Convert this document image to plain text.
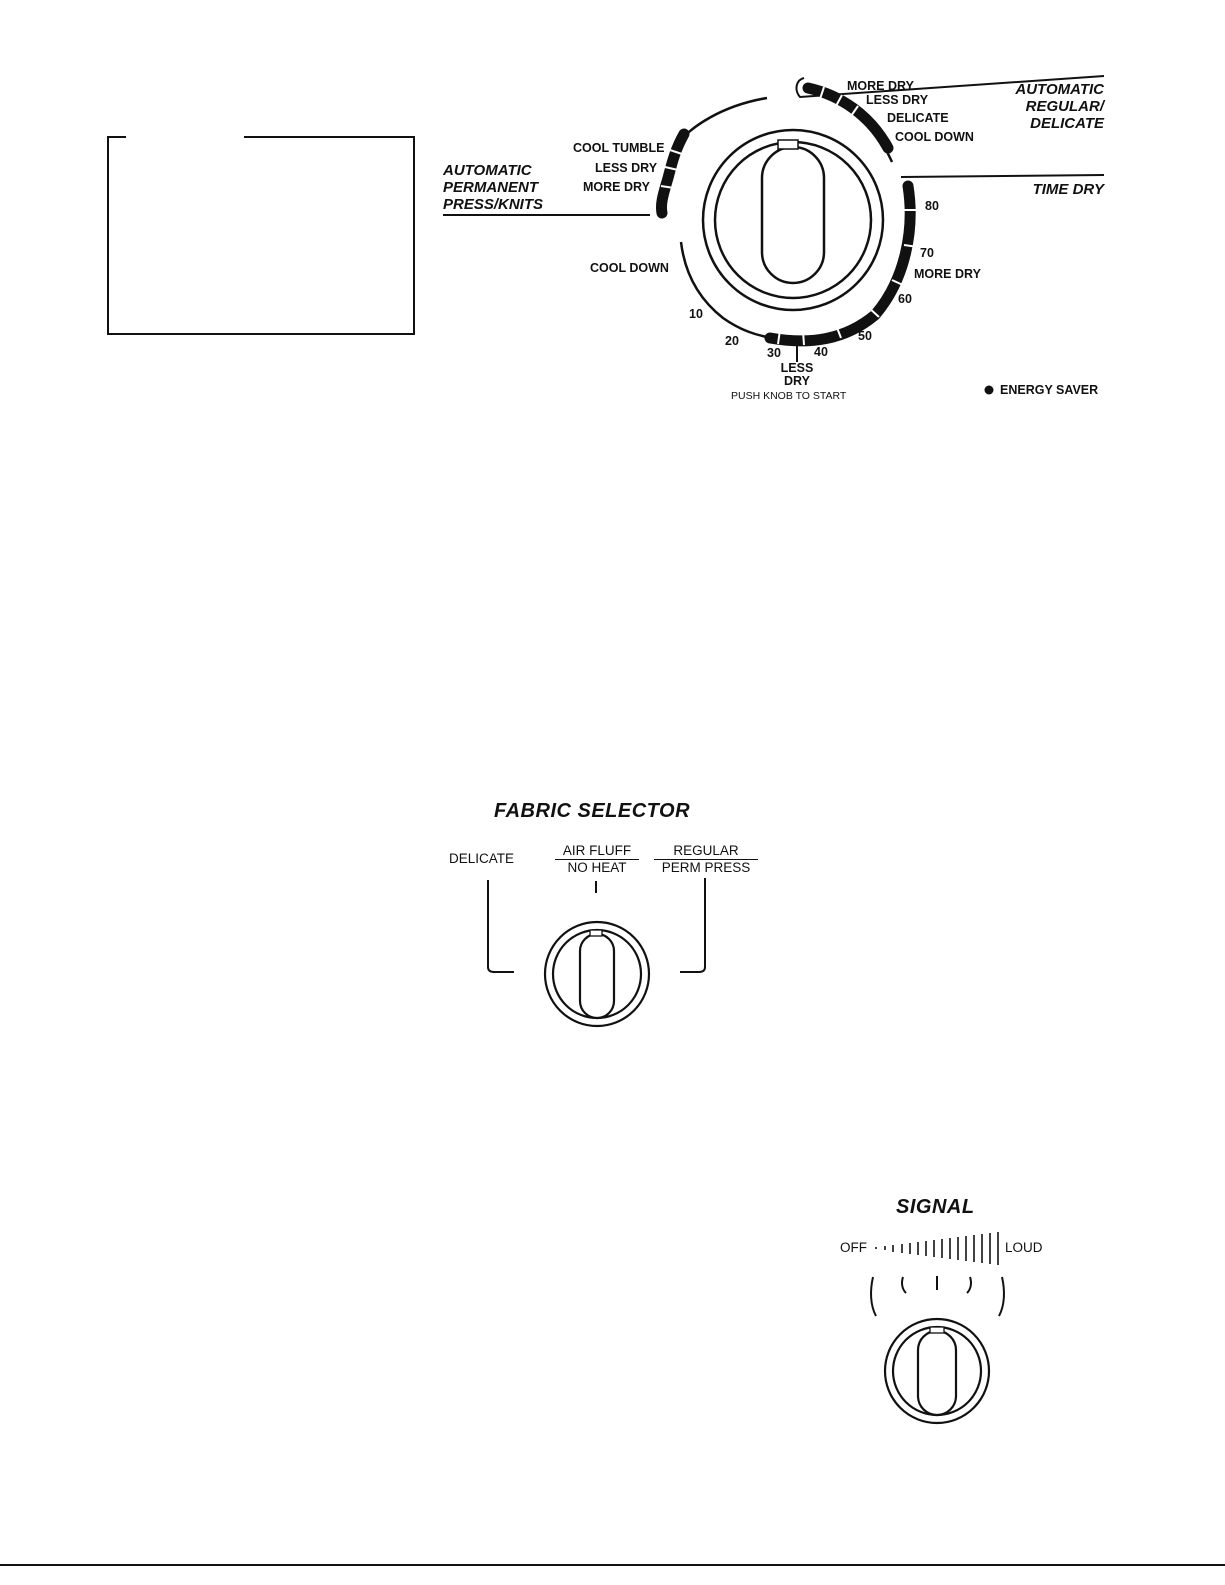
AUTOMATIC
PERMANENT
PRESS/KNITS
AUTOMATIC
REGULAR/
DELICATE
TIME DRY
COOL TUMBLE
LESS DRY
MORE DRY
MORE DRY
LESS DRY
DELICATE
COOL DOWN
COOL DOWN
10
20
30	40
50
60
70
80
MORE DRY
LESS
DRY
PUSH KNOB TO START	ENERGY SAVER
FABRIC SELECTOR
DELICATE
AIR FLUFF
NO HEAT
REGULAR
PERM PRESS
SIGNAL
OFF	LOUD
